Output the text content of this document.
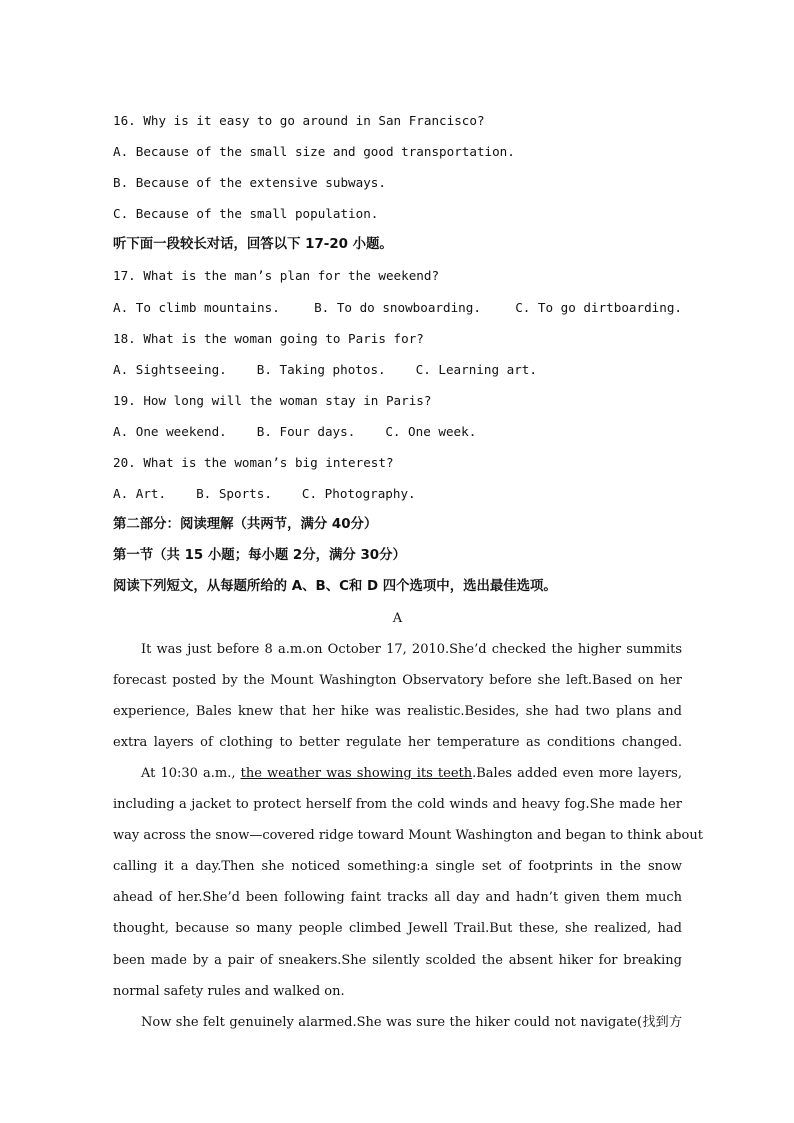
16. Why is it easy to go around in San Francisco?
A. Because of the small size and good transportation.
B. Because of the extensive subways.
C. Because of the small population.
听下面一段较长对话，回答以下 17-20 小题。
17. What is the man’s plan for the weekend?
A. To climb mountains.	B. To do snowboarding.	C. To go dirtboarding.
18. What is the woman going to Paris for?
A. Sightseeing. B. Taking photos. C. Learning art.
19. How long will the woman stay in Paris?
A. One weekend. B. Four days. C. One week.
20. What is the woman’s big interest?
A. Art. B. Sports. C. Photography.
第二部分：阅读理解（共两节，满分 40分）
第一节（共 15 小题；每小题 2分，满分 30分）
阅读下列短文，从每题所给的 A、B、C和 D 四个选项中，选出最佳选项。
A
It was just before 8 a.m.on October 17, 2010.She’d checked the higher summits
forecast posted by the Mount Washington Observatory before she left.Based on her
experience, Bales knew that her hike was realistic.Besides, she had two plans and
extra layers of clothing to better regulate her temperature as conditions changed.
At 10:30 a.m., the weather was showing its teeth.Bales added even more layers,
including a jacket to protect herself from the cold winds and heavy fog.She made her
way across the snow—covered ridge toward Mount Washington and began to think about
calling it a day.Then she noticed something:a single set of footprints in the snow
ahead of her.She’d been following faint tracks all day and hadn’t given them much
thought, because so many people climbed Jewell Trail.But these, she realized, had
been made by a pair of sneakers.She silently scolded the absent hiker for breaking
normal safety rules and walked on.
Now she felt genuinely alarmed.She was sure the hiker could not navigate(找到方
